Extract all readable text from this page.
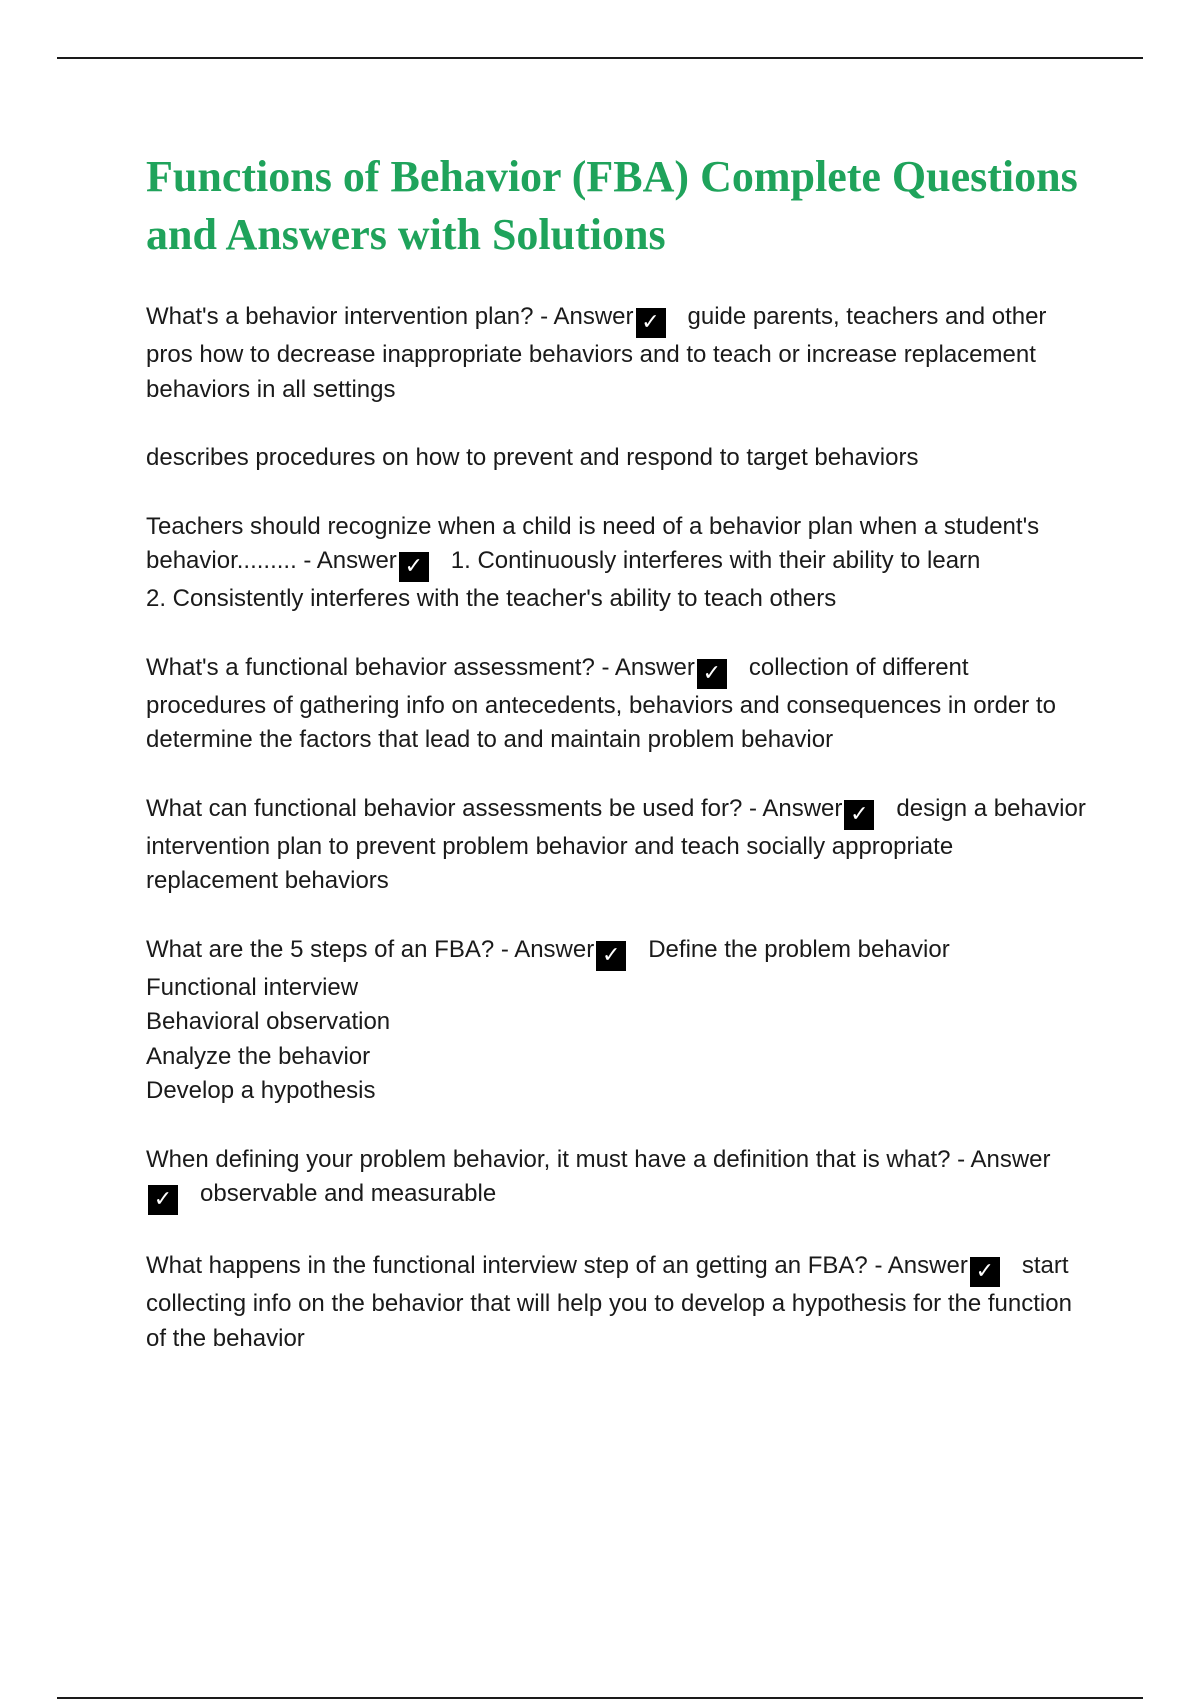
Functions of Behavior (FBA) Complete Questions and Answers with Solutions
What's a behavior intervention plan? - Answer ✓ guide parents, teachers and other pros how to decrease inappropriate behaviors and to teach or increase replacement behaviors in all settings
describes procedures on how to prevent and respond to target behaviors
Teachers should recognize when a child is need of a behavior plan when a student's behavior......... - Answer ✓ 1. Continuously interferes with their ability to learn
2. Consistently interferes with the teacher's ability to teach others
What's a functional behavior assessment? - Answer ✓ collection of different procedures of gathering info on antecedents, behaviors and consequences in order to determine the factors that lead to and maintain problem behavior
What can functional behavior assessments be used for? - Answer ✓ design a behavior intervention plan to prevent problem behavior and teach socially appropriate replacement behaviors
What are the 5 steps of an FBA? - Answer ✓ Define the problem behavior
Functional interview
Behavioral observation
Analyze the behavior
Develop a hypothesis
When defining your problem behavior, it must have a definition that is what? - Answer✓ observable and measurable
What happens in the functional interview step of an getting an FBA? - Answer ✓ start collecting info on the behavior that will help you to develop a hypothesis for the function of the behavior
